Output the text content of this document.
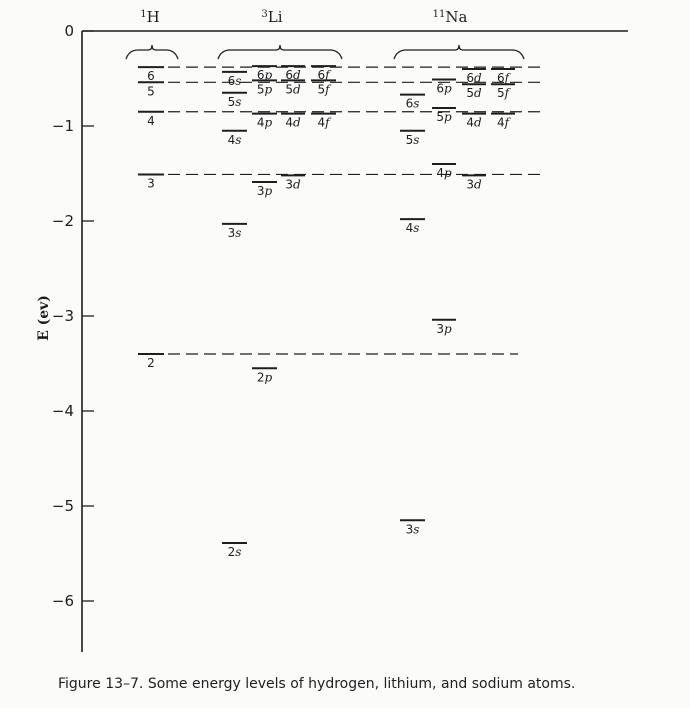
0
−1
−2
−3
−4
−5
−6
E (ev)
$^1$H	$^3$Li	$^{11}$Na
6
5
4
3
2
6s
5s
4s
3s
2s
6p
5p
4p
3p
2p
6d
5d
4d
3d
6f
5f
4f
6s
5s
4s
3s
6p
5p
4p
3p
6d
5d
4d
3d
6f
5f
4f
Figure 13–7. Some energy levels of hydrogen, lithium, and sodium atoms.
